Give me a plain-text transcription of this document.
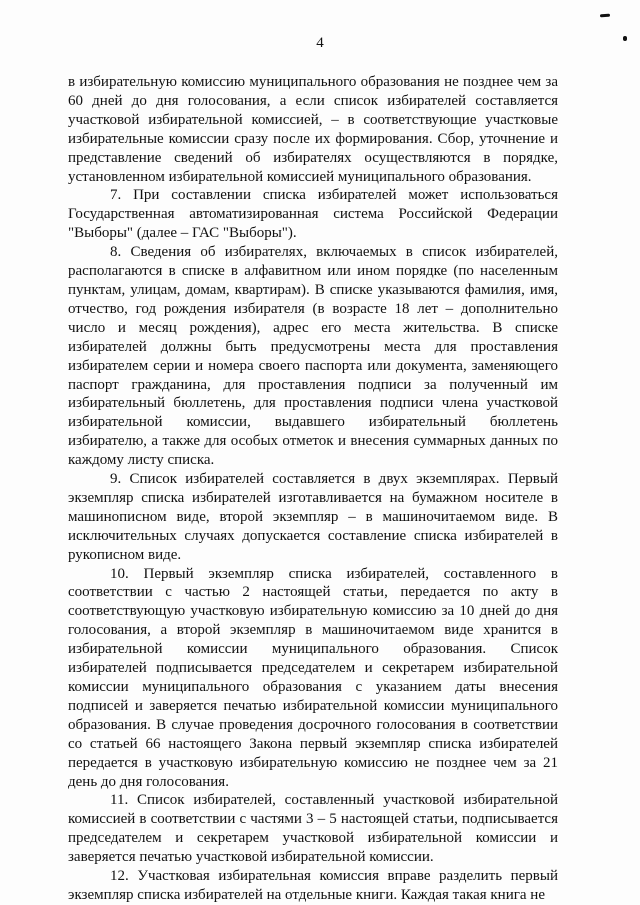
4

в избирательную комиссию муниципального образования не позднее чем за 60 дней до дня голосования, а если список избирателей составляется участковой избирательной комиссией, – в соответствующие участковые избирательные комиссии сразу после их формирования. Сбор, уточнение и представление сведений об избирателях осуществляются в порядке, установленном избирательной комиссией муниципального образования.

7. При составлении списка избирателей может использоваться Государственная автоматизированная система Российской Федерации "Выборы" (далее – ГАС "Выборы").

8. Сведения об избирателях, включаемых в список избирателей, располагаются в списке в алфавитном или ином порядке (по населенным пунктам, улицам, домам, квартирам). В списке указываются фамилия, имя, отчество, год рождения избирателя (в возрасте 18 лет – дополнительно число и месяц рождения), адрес его места жительства. В списке избирателей должны быть предусмотрены места для проставления избирателем серии и номера своего паспорта или документа, заменяющего паспорт гражданина, для проставления подписи за полученный им избирательный бюллетень, для проставления подписи члена участковой избирательной комиссии, выдавшего избирательный бюллетень избирателю, а также для особых отметок и внесения суммарных данных по каждому листу списка.

9. Список избирателей составляется в двух экземплярах. Первый экземпляр списка избирателей изготавливается на бумажном носителе в машинописном виде, второй экземпляр – в машиночитаемом виде. В исключительных случаях допускается составление списка избирателей в рукописном виде.

10. Первый экземпляр списка избирателей, составленного в соответствии с частью 2 настоящей статьи, передается по акту в соответствующую участковую избирательную комиссию за 10 дней до дня голосования, а второй экземпляр в машиночитаемом виде хранится в избирательной комиссии муниципального образования. Список избирателей подписывается председателем и секретарем избирательной комиссии муниципального образования с указанием даты внесения подписей и заверяется печатью избирательной комиссии муниципального образования. В случае проведения досрочного голосования в соответствии со статьей 66 настоящего Закона первый экземпляр списка избирателей передается в участковую избирательную комиссию не позднее чем за 21 день до дня голосования.

11. Список избирателей, составленный участковой избирательной комиссией в соответствии с частями 3 – 5 настоящей статьи, подписывается председателем и секретарем участковой избирательной комиссии и заверяется печатью участковой избирательной комиссии.

12. Участковая избирательная комиссия вправе разделить первый экземпляр списка избирателей на отдельные книги. Каждая такая книга не
